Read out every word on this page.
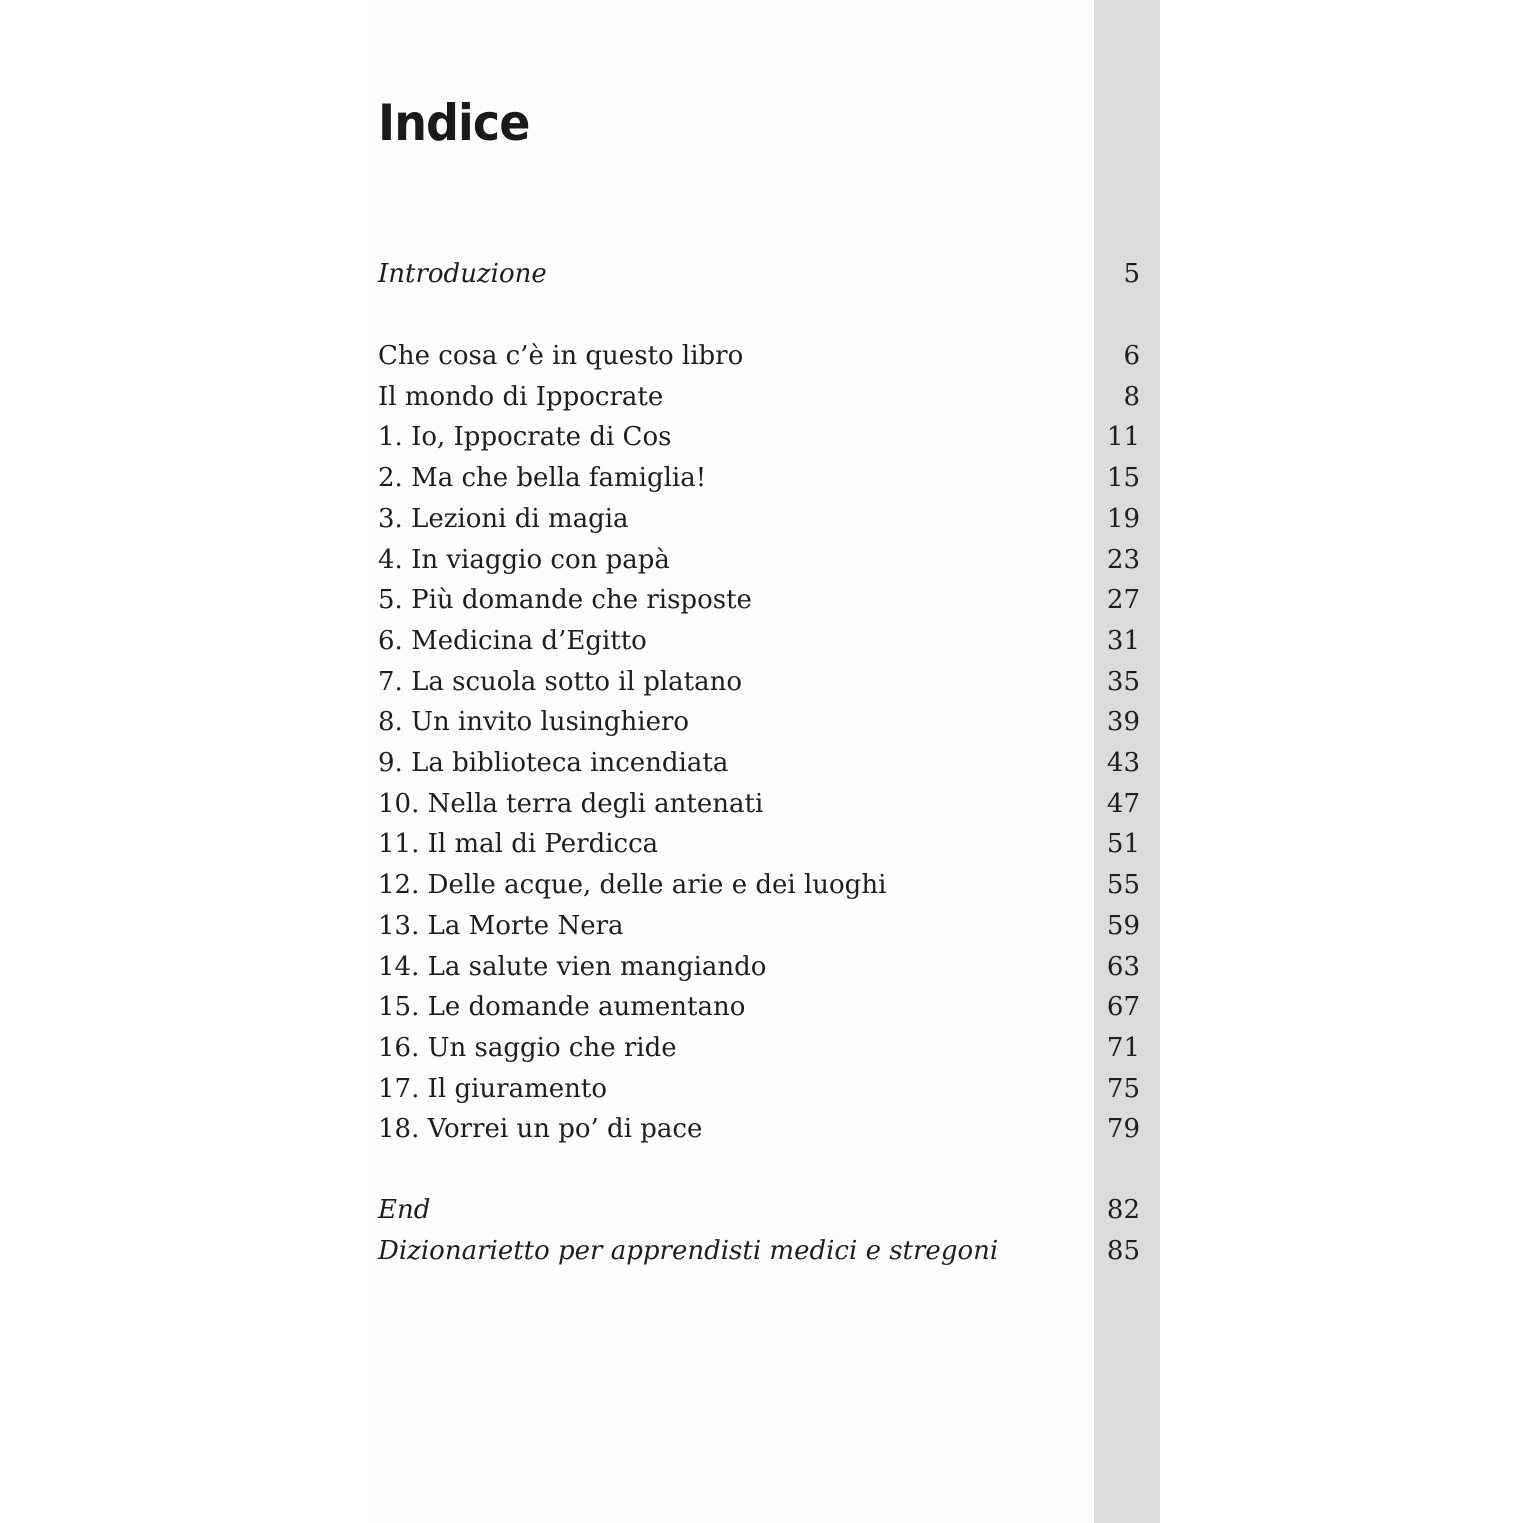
Indice
Introduzione	5
Che cosa c’è in questo libro	6
Il mondo di Ippocrate	8
1. Io, Ippocrate di Cos	11
2. Ma che bella famiglia!	15
3. Lezioni di magia	19
4. In viaggio con papà	23
5. Più domande che risposte	27
6. Medicina d’Egitto	31
7. La scuola sotto il platano	35
8. Un invito lusinghiero	39
9. La biblioteca incendiata	43
10. Nella terra degli antenati	47
11. Il mal di Perdicca	51
12. Delle acque, delle arie e dei luoghi	55
13. La Morte Nera	59
14. La salute vien mangiando	63
15. Le domande aumentano	67
16. Un saggio che ride	71
17. Il giuramento	75
18. Vorrei un po’ di pace	79
End	82
Dizionarietto per apprendisti medici e stregoni	85
